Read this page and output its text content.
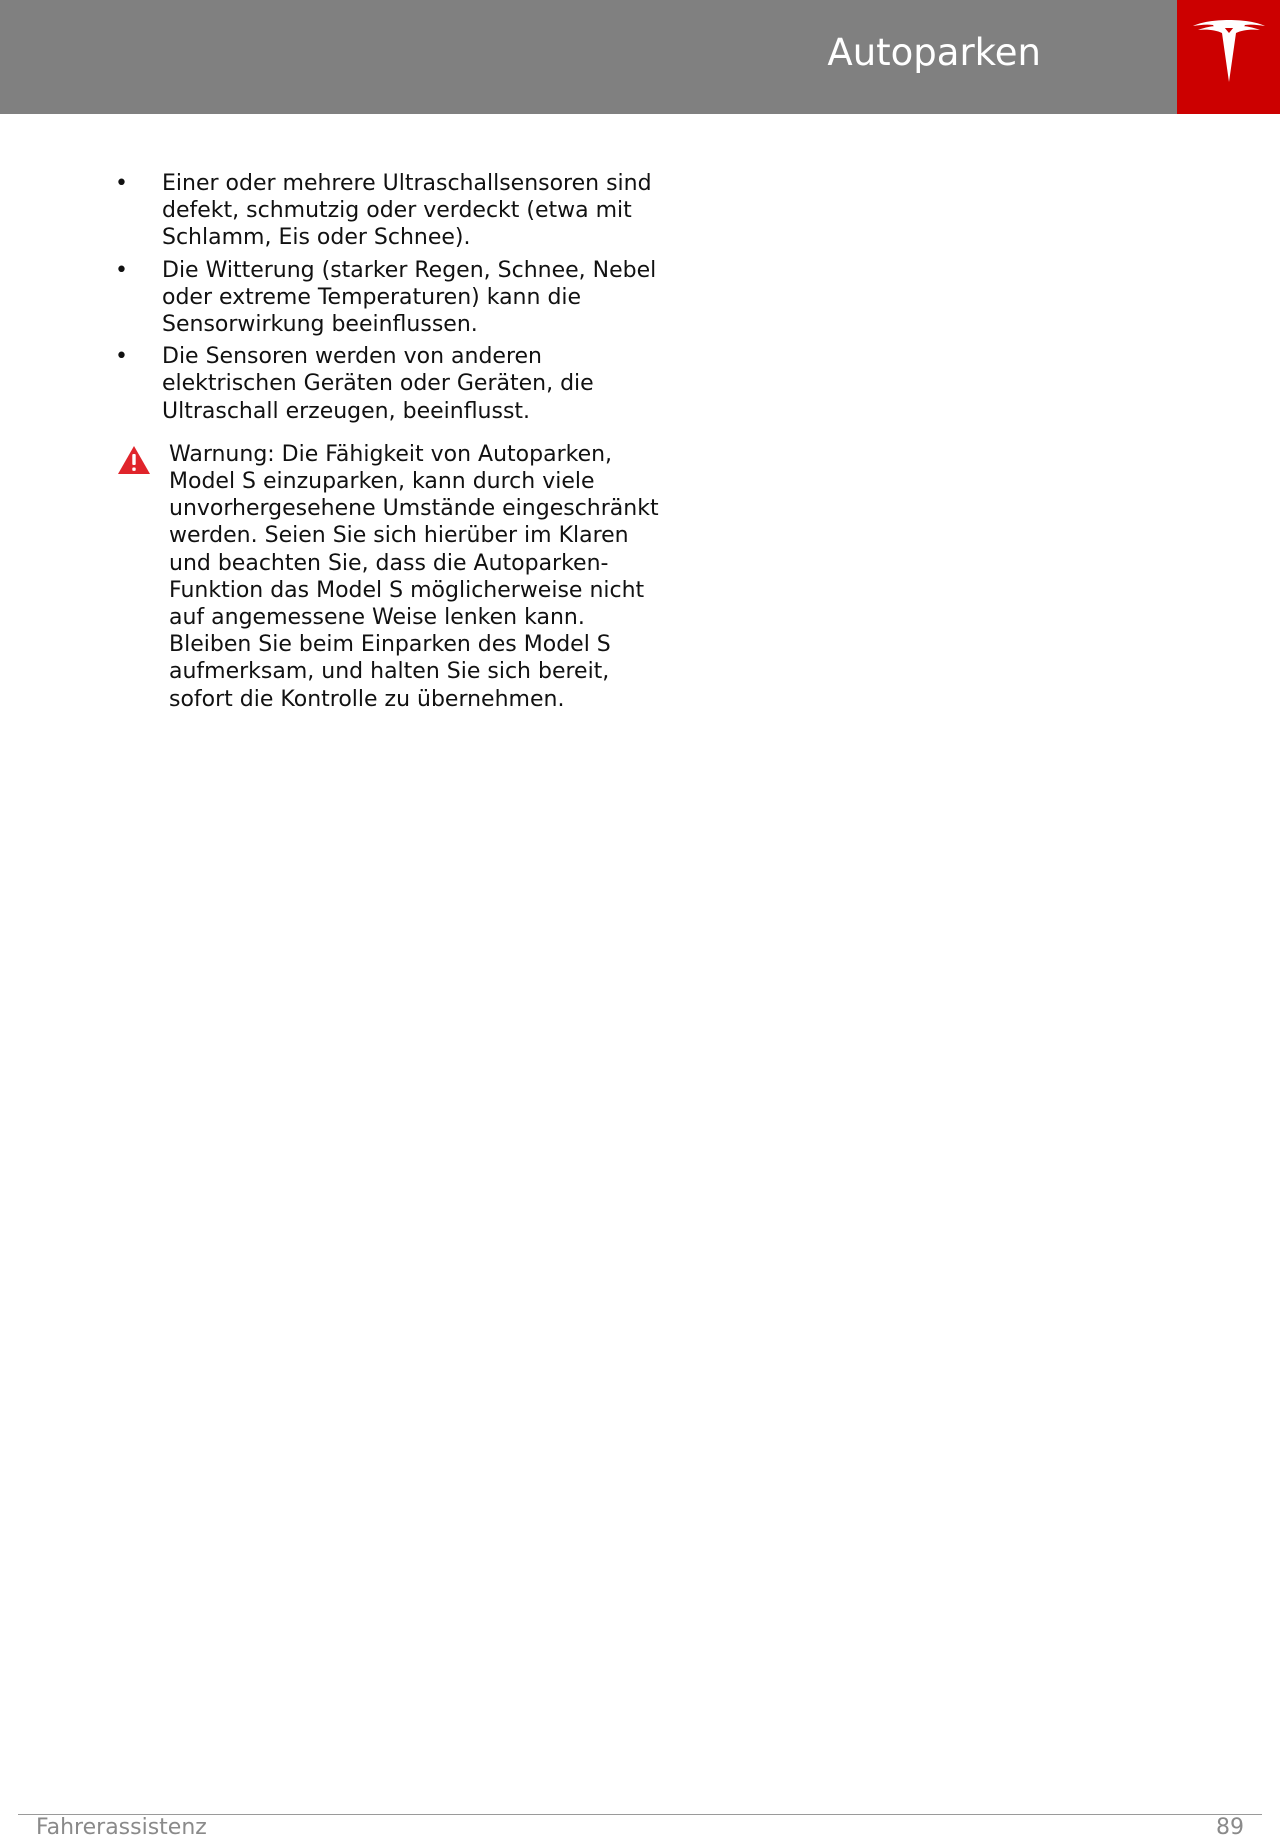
Autoparken
• Einer oder mehrere Ultraschallsensoren sind defekt, schmutzig oder verdeckt (etwa mit Schlamm, Eis oder Schnee).
• Die Witterung (starker Regen, Schnee, Nebel oder extreme Temperaturen) kann die Sensorwirkung beeinflussen.
• Die Sensoren werden von anderen elektrischen Geräten oder Geräten, die Ultraschall erzeugen, beeinflusst.
Warnung: Die Fähigkeit von Autoparken, Model S einzuparken, kann durch viele unvorhergesehene Umstände eingeschränkt werden. Seien Sie sich hierüber im Klaren und beachten Sie, dass die Autoparken-Funktion das Model S möglicherweise nicht auf angemessene Weise lenken kann. Bleiben Sie beim Einparken des Model S aufmerksam, und halten Sie sich bereit, sofort die Kontrolle zu übernehmen.
Fahrerassistenz	89
